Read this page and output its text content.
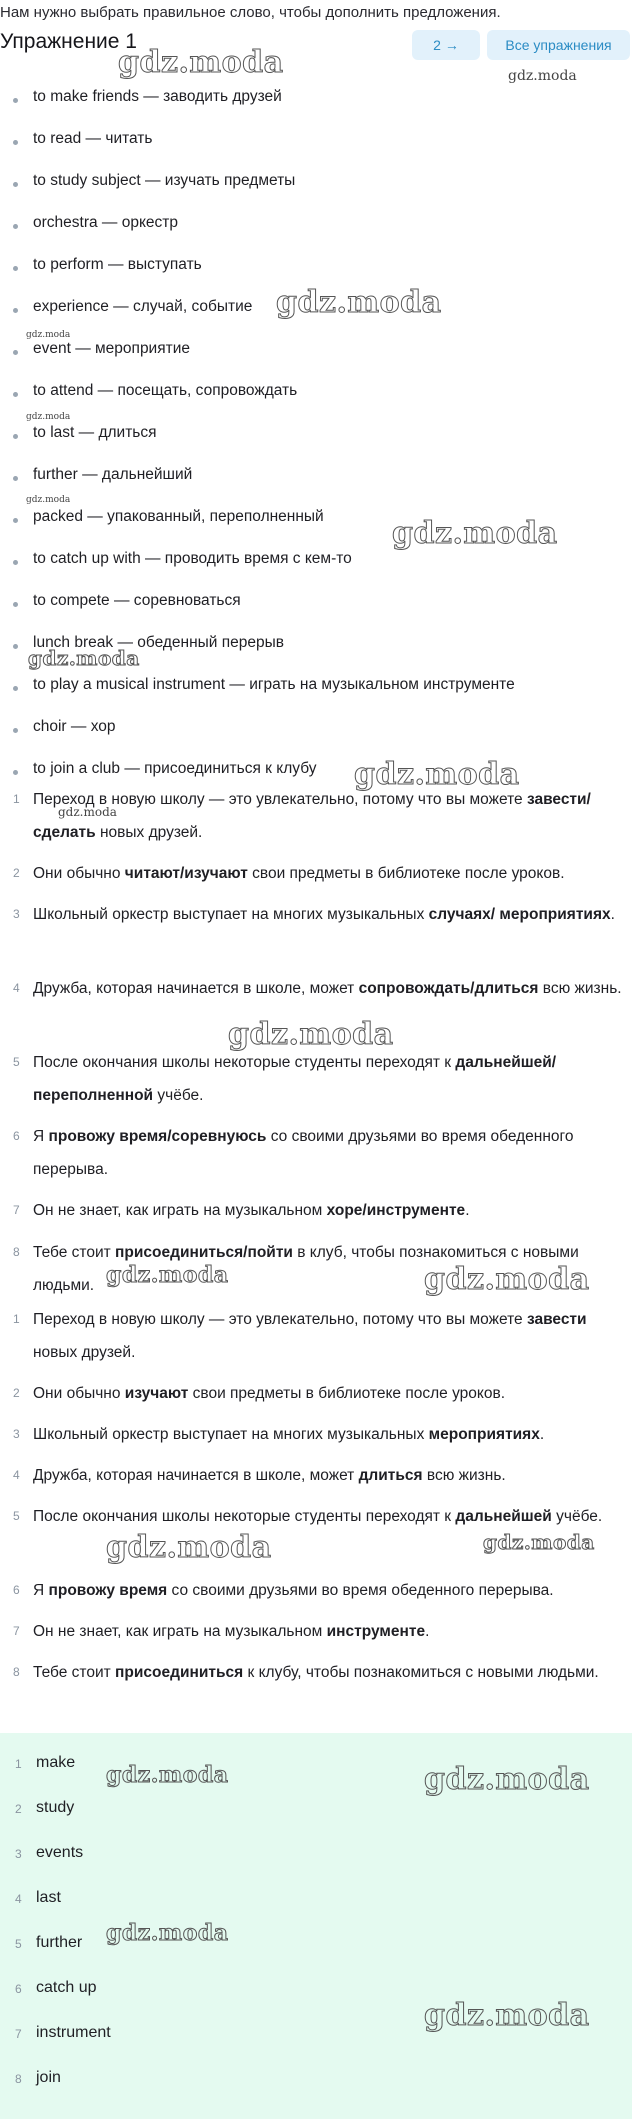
Нам нужно выбрать правильное слово, чтобы дополнить предложения.
Упражнение 1	2 →	Все упражнения
to make friends — заводить друзей
to read — читать
to study subject — изучать предметы
orchestra — оркестр
to perform — выступать
experience — случай, событие
event — мероприятие
to attend — посещать, сопровождать
to last — длиться
further — дальнейший
packed — упакованный, переполненный
to catch up with — проводить время с кем-то
to compete — соревноваться
lunch break — обеденный перерыв
to play a musical instrument — играть на музыкальном инструменте
choir — хор
to join a club — присоединиться к клубу
1 Переход в новую школу — это увлекательно, потому что вы можете завести/сделать новых друзей.
2 Они обычно читают/изучают свои предметы в библиотеке после уроков.
3 Школьный оркестр выступает на многих музыкальных случаях/ мероприятиях.
4 Дружба, которая начинается в школе, может сопровождать/длиться всю жизнь.
5 После окончания школы некоторые студенты переходят к дальнейшей/ переполненной учёбе.
6 Я провожу время/соревнуюсь со своими друзьями во время обеденного перерыва.
7 Он не знает, как играть на музыкальном хоре/инструменте.
8 Тебе стоит присоединиться/пойти в клуб, чтобы познакомиться с новыми людьми.
1 Переход в новую школу — это увлекательно, потому что вы можете завести новых друзей.
2 Они обычно изучают свои предметы в библиотеке после уроков.
3 Школьный оркестр выступает на многих музыкальных мероприятиях.
4 Дружба, которая начинается в школе, может длиться всю жизнь.
5 После окончания школы некоторые студенты переходят к дальнейшей учёбе.
6 Я провожу время со своими друзьями во время обеденного перерыва.
7 Он не знает, как играть на музыкальном инструменте.
8 Тебе стоит присоединиться к клубу, чтобы познакомиться с новыми людьми.
1 make
2 study
3 events
4 last
5 further
6 catch up
7 instrument
8 join
gdz.moda	gdz.moda
gdz.moda
gdz.moda
gdz.moda
gdz.moda
gdz.moda
gdz.moda
gdz.moda
gdz.moda
gdz.moda
gdz.moda	gdz.moda
gdz.moda	gdz.moda
gdz.moda	gdz.moda
gdz.moda
gdz.moda
